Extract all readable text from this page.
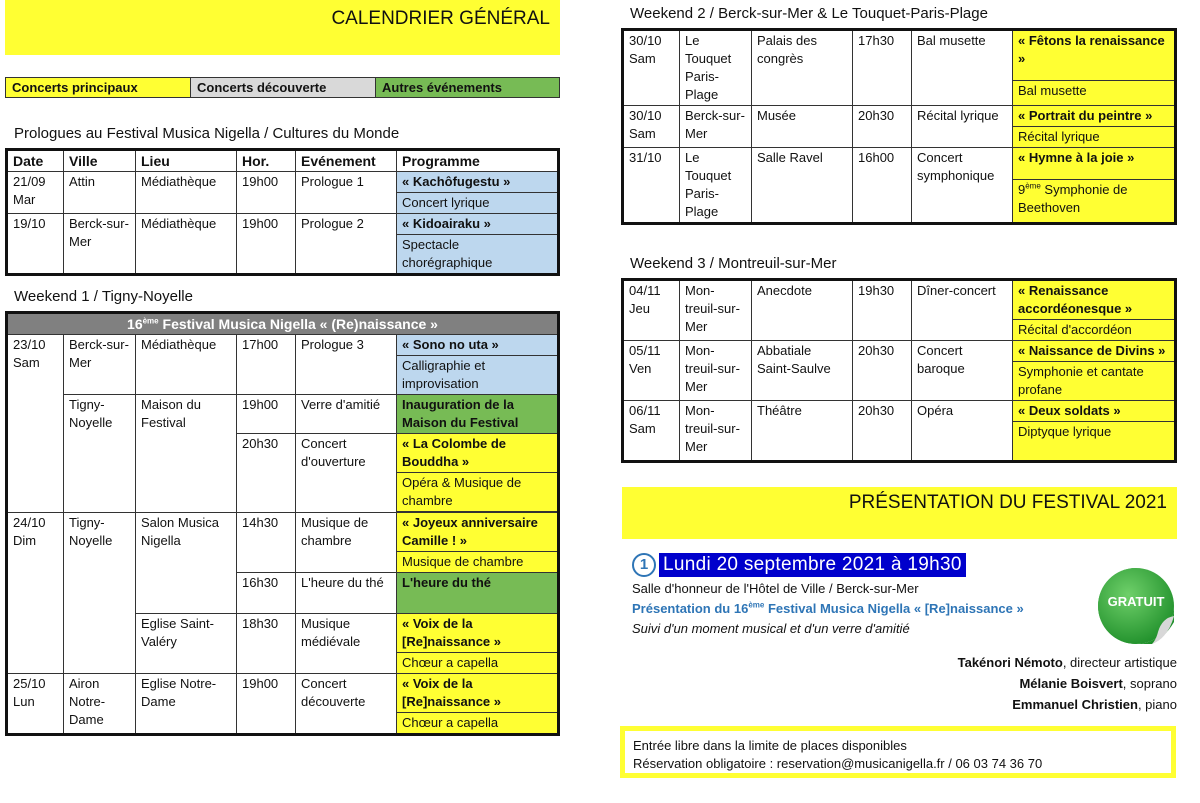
CALENDRIER GÉNÉRAL
Concerts principaux	Concerts découverte	Autres événements
Prologues au Festival Musica Nigella / Cultures du Monde
Date	Ville	Lieu	Hor.	Evénement	Programme
21/09 Mar	Attin	Médiathèque	19h00	Prologue 1	« Kachôfugestu »
					Concert lyrique
19/10	Berck-sur-Mer	Médiathèque	19h00	Prologue 2	« Kidoairaku »
					Spectacle chorégraphique
Weekend 1 / Tigny-Noyelle
16ème Festival Musica Nigella « (Re)naissance »					
23/10 Sam	Berck-sur-Mer	Médiathèque	17h00	Prologue 3	« Sono no uta »
					Calligraphie et improvisation
	Tigny-Noyelle	Maison du Festival	19h00	Verre d'amitié	Inauguration de la Maison du Festival
			20h30	Concert d'ouverture	« La Colombe de Bouddha »
					Opéra & Musique de chambre

24/10 Dim	Tigny-Noyelle	Salon Musica Nigella	14h30	Musique de chambre	« Joyeux anniversaire Camille ! »
					Musique de chambre
			16h30	L'heure du thé	L'heure du thé
		Eglise Saint-Valéry	18h30	Musique médiévale	« Voix de la [Re]naissance »
					Chœur a capella
25/10 Lun	Airon Notre-Dame	Eglise Notre-Dame	19h00	Concert découverte	« Voix de la [Re]naissance »
					Chœur a capella
Weekend 2 / Berck-sur-Mer & Le Touquet-Paris-Plage
30/10 Sam	Le Touquet Paris-Plage	Palais des congrès	17h30	Bal musette	« Fêtons la renaissance »
					Bal musette
30/10 Sam	Berck-sur-Mer	Musée	20h30	Récital lyrique	« Portrait du peintre »
					Récital lyrique
31/10	Le Touquet Paris-Plage	Salle Ravel	16h00	Concert symphonique	« Hymne à la joie »
					9ème Symphonie de Beethoven
Weekend 3 / Montreuil-sur-Mer
04/11 Jeu	Mon-treuil-sur-Mer	Anecdote	19h30	Dîner-concert	« Renaissance accordéonesque »
					Récital d'accordéon
05/11 Ven	Mon-treuil-sur-Mer	Abbatiale Saint-Saulve	20h30	Concert baroque	« Naissance de Divins »
					Symphonie et cantate profane
06/11 Sam	Mon-treuil-sur-Mer	Théâtre	20h30	Opéra	« Deux soldats »
					Diptyque lyrique
PRÉSENTATION DU FESTIVAL 2021
1 Lundi 20 septembre 2021 à 19h30
Salle d'honneur de l'Hôtel de Ville / Berck-sur-Mer
Présentation du 16ème Festival Musica Nigella « [Re]naissance »
Suivi d'un moment musical et d'un verre d'amitié
GRATUIT
Takénori Némoto, directeur artistique
Mélanie Boisvert, soprano
Emmanuel Christien, piano
Entrée libre dans la limite de places disponibles
Réservation obligatoire : reservation@musicanigella.fr / 06 03 74 36 70
